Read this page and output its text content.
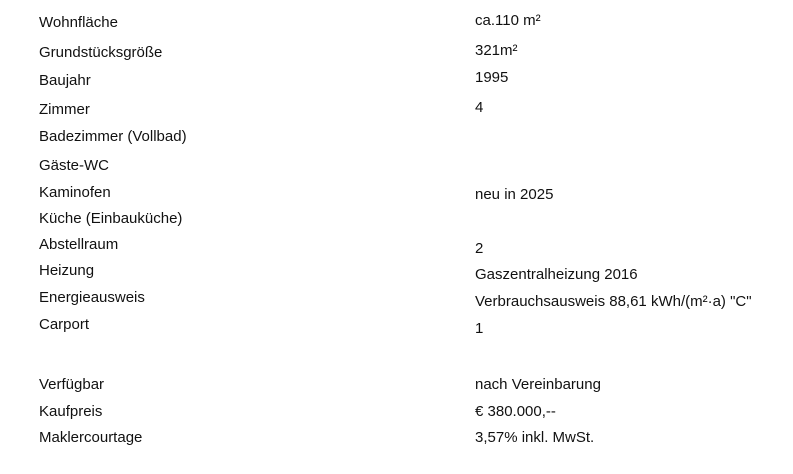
Wohnfläche	ca.110 m²
Grundstücksgröße	321m²
Baujahr	1995
Zimmer	4
Badezimmer (Vollbad)
Gäste-WC
Kaminofen	neu in 2025
Küche (Einbauküche)
Abstellraum	2
Heizung	Gaszentralheizung 2016
Energieausweis	Verbrauchsausweis 88,61 kWh/(m²·a) "C"
Carport	1
Verfügbar	nach Vereinbarung
Kaufpreis	€ 380.000,--
Maklercourtage	3,57% inkl. MwSt.
